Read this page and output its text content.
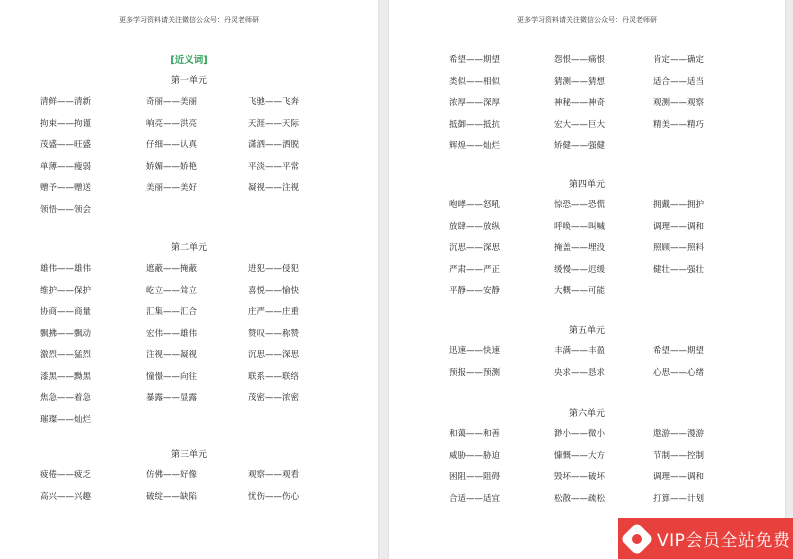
更多学习资料请关注微信公众号：丹灵老师研
[近义词]
第一单元
第二单元
第三单元
清鲜——清新	奇丽——美丽	飞驰——飞奔
拘束——拘谨	响亮——洪亮	天涯——天际
茂盛——旺盛	仔细——认真	潇洒——洒脱
单薄——瘦弱	娇媚——娇艳	平淡——平常
赠予——赠送	美丽——美好	凝视——注视
领悟——领会
雄伟——雄伟	遮蔽——掩蔽	进犯——侵犯
维护——保护	屹立——耸立	喜悦——愉快
协商——商量	汇集——汇合	庄严——庄重
飘拂——飘动	宏伟——雄伟	赞叹——称赞
激烈——猛烈	注视——凝视	沉思——深思
漆黑——黝黑	憧憬——向往	联系——联络
焦急——着急	暴露——显露	茂密——浓密
璀璨——灿烂
疲倦——疲乏	仿佛——好像	观察——观看
高兴——兴趣	破绽——缺陷	忧伤——伤心
更多学习资料请关注微信公众号：丹灵老师研
第四单元
第五单元
第六单元
希望——期望	怨恨——痛恨	肯定——确定
类似——相似	猜测——猜想	适合——适当
浓厚——深厚	神秘——神奇	观测——观察
抵御——抵抗	宏大——巨大	精美——精巧
辉煌——灿烂	矫健——强健
咆哮——怒吼	惊恐——恐慌	拥戴——拥护
放肆——放纵	呼唤——叫喊	调理——调和
沉思——深思	掩盖——埋没	照顾——照料
严肃——严正	缓慢——迟缓	健壮——强壮
平静——安静	大概——可能
迅速——快速	丰满——丰盈	希望——期望
预报——预测	央求——恳求	心思——心绪
和蔼——和善	渺小——微小	遨游——漫游
威胁——胁迫	慷慨——大方	节制——控制
困阻——阻碍	毁坏——破坏	调理——调和
合适——适宜	松散——疏松	打算——计划
VIP会员全站免费
